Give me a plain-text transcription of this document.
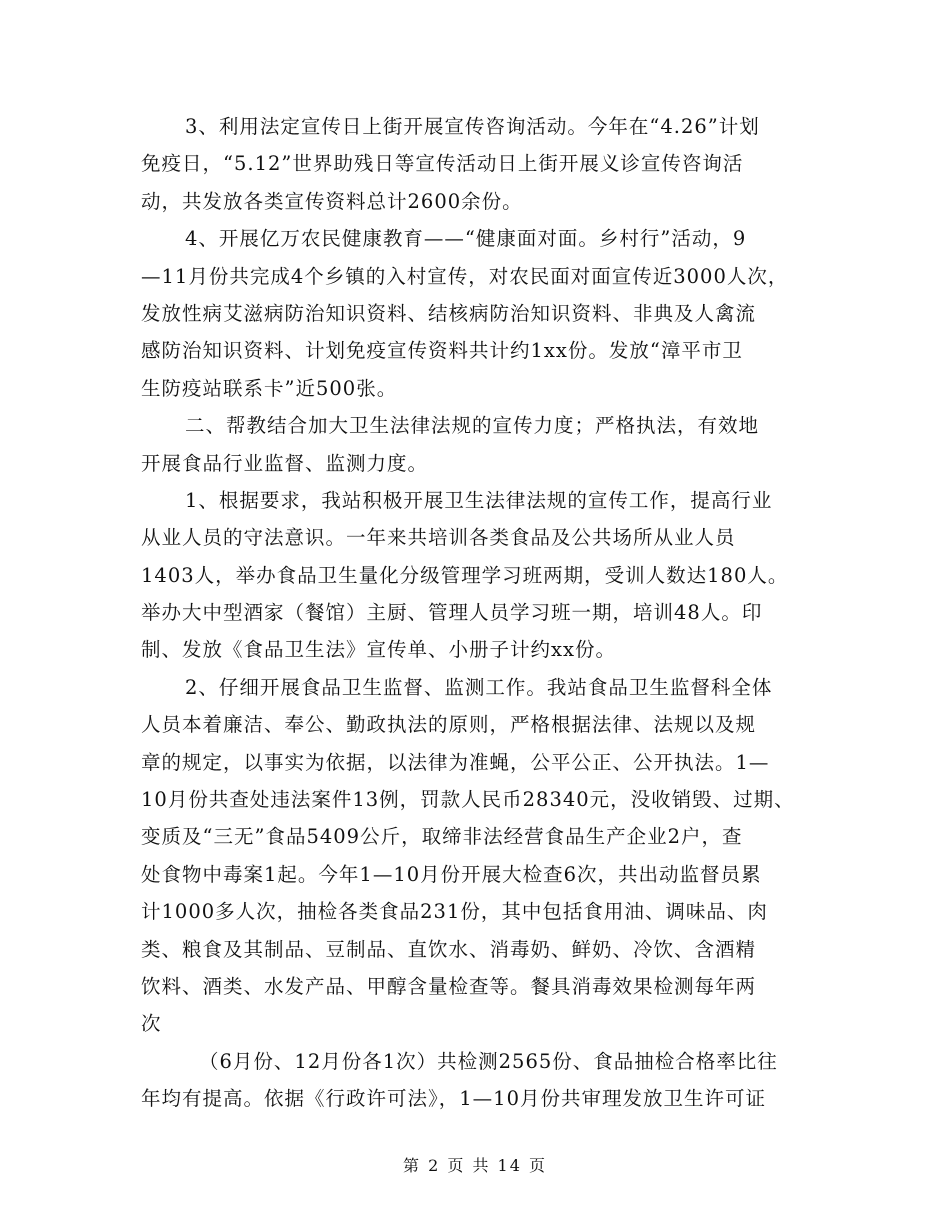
3、利用法定宣传日上街开展宣传咨询活动。今年在“4.26”计划
免疫日，“5.12”世界助残日等宣传活动日上街开展义诊宣传咨询活
动，共发放各类宣传资料总计2600余份。
4、开展亿万农民健康教育——“健康面对面。乡村行”活动，9
—11月份共完成4个乡镇的入村宣传，对农民面对面宣传近3000人次，
发放性病艾滋病防治知识资料、结核病防治知识资料、非典及人禽流
感防治知识资料、计划免疫宣传资料共计约1xx份。发放“漳平市卫
生防疫站联系卡”近500张。
二、帮教结合加大卫生法律法规的宣传力度；严格执法，有效地
开展食品行业监督、监测力度。
1、根据要求，我站积极开展卫生法律法规的宣传工作，提高行业
从业人员的守法意识。一年来共培训各类食品及公共场所从业人员
1403人，举办食品卫生量化分级管理学习班两期，受训人数达180人。
举办大中型酒家（餐馆）主厨、管理人员学习班一期，培训48人。印
制、发放《食品卫生法》宣传单、小册子计约xx份。
2、仔细开展食品卫生监督、监测工作。我站食品卫生监督科全体
人员本着廉洁、奉公、勤政执法的原则，严格根据法律、法规以及规
章的规定，以事实为依据，以法律为准蝇，公平公正、公开执法。1—
10月份共查处违法案件13例，罚款人民币28340元，没收销毁、过期、
变质及“三无”食品5409公斤，取缔非法经营食品生产企业2户，查
处食物中毒案1起。今年1—10月份开展大检查6次，共出动监督员累
计1000多人次，抽检各类食品231份，其中包括食用油、调味品、肉
类、粮食及其制品、豆制品、直饮水、消毒奶、鲜奶、冷饮、含酒精
饮料、酒类、水发产品、甲醇含量检查等。餐具消毒效果检测每年两
次
（6月份、12月份各1次）共检测2565份、食品抽检合格率比往
年均有提高。依据《行政许可法》，1—10月份共审理发放卫生许可证
第 2 页 共 14 页
